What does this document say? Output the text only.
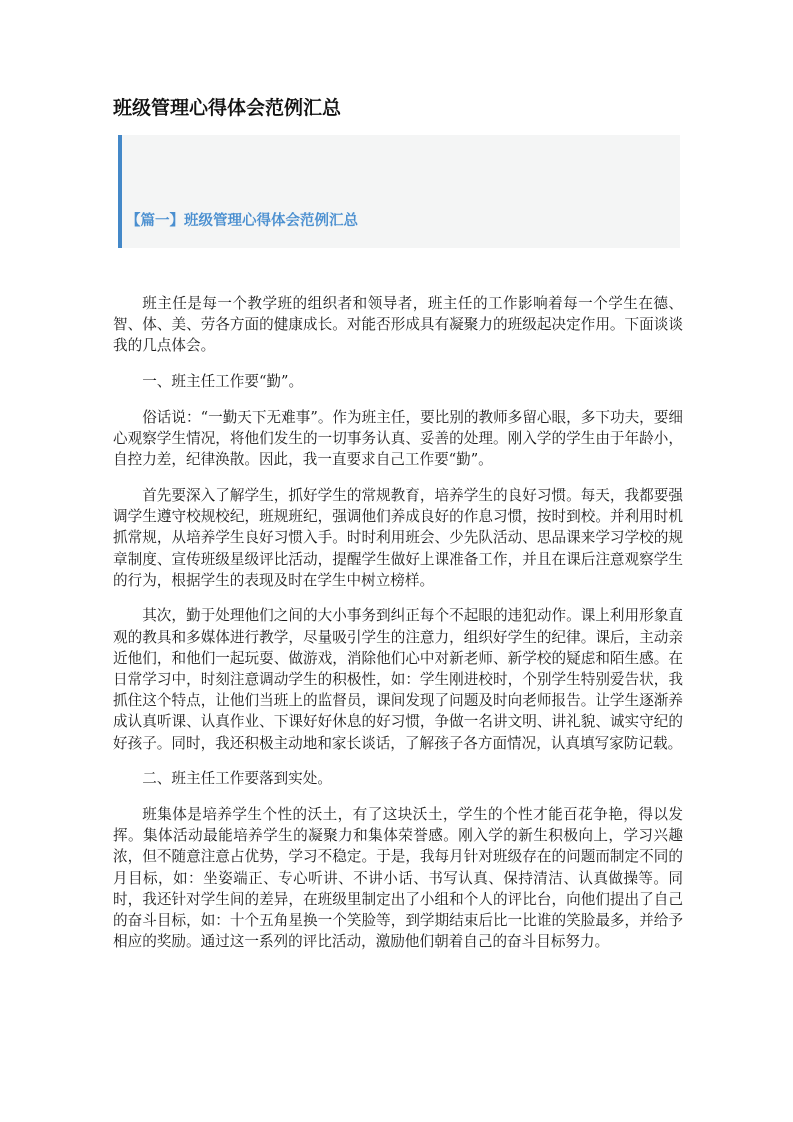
班级管理心得体会范例汇总
【篇一】班级管理心得体会范例汇总

班主任是每一个教学班的组织者和领导者，班主任的工作影响着每一个学生在德、智、体、美、劳各方面的健康成长。对能否形成具有凝聚力的班级起决定作用。下面谈谈我的几点体会。

一、班主任工作要“勤”。

俗话说：“一勤天下无难事”。作为班主任，要比别的教师多留心眼，多下功夫，要细心观察学生情况，将他们发生的一切事务认真、妥善的处理。刚入学的学生由于年龄小，自控力差，纪律涣散。因此，我一直要求自己工作要“勤”。

首先要深入了解学生，抓好学生的常规教育，培养学生的良好习惯。每天，我都要强调学生遵守校规校纪，班规班纪，强调他们养成良好的作息习惯，按时到校。并利用时机抓常规，从培养学生良好习惯入手。时时利用班会、少先队活动、思品课来学习学校的规章制度、宣传班级星级评比活动，提醒学生做好上课准备工作，并且在课后注意观察学生的行为，根据学生的表现及时在学生中树立榜样。

其次，勤于处理他们之间的大小事务到纠正每个不起眼的违犯动作。课上利用形象直观的教具和多媒体进行教学，尽量吸引学生的注意力，组织好学生的纪律。课后，主动亲近他们，和他们一起玩耍、做游戏，消除他们心中对新老师、新学校的疑虑和陌生感。在日常学习中，时刻注意调动学生的积极性，如：学生刚进校时，个别学生特别爱告状，我抓住这个特点，让他们当班上的监督员，课间发现了问题及时向老师报告。让学生逐渐养成认真听课、认真作业、下课好好休息的好习惯，争做一名讲文明、讲礼貌、诚实守纪的好孩子。同时，我还积极主动地和家长谈话，了解孩子各方面情况，认真填写家防记载。

二、班主任工作要落到实处。

班集体是培养学生个性的沃土，有了这块沃土，学生的个性才能百花争艳，得以发挥。集体活动最能培养学生的凝聚力和集体荣誉感。刚入学的新生积极向上，学习兴趣浓，但不随意注意占优势，学习不稳定。于是，我每月针对班级存在的问题而制定不同的月目标，如：坐姿端正、专心听讲、不讲小话、书写认真、保持清洁、认真做操等。同时，我还针对学生间的差异，在班级里制定出了小组和个人的评比台，向他们提出了自己的奋斗目标，如：十个五角星换一个笑脸等，到学期结束后比一比谁的笑脸最多，并给予相应的奖励。通过这一系列的评比活动，激励他们朝着自己的奋斗目标努力。
